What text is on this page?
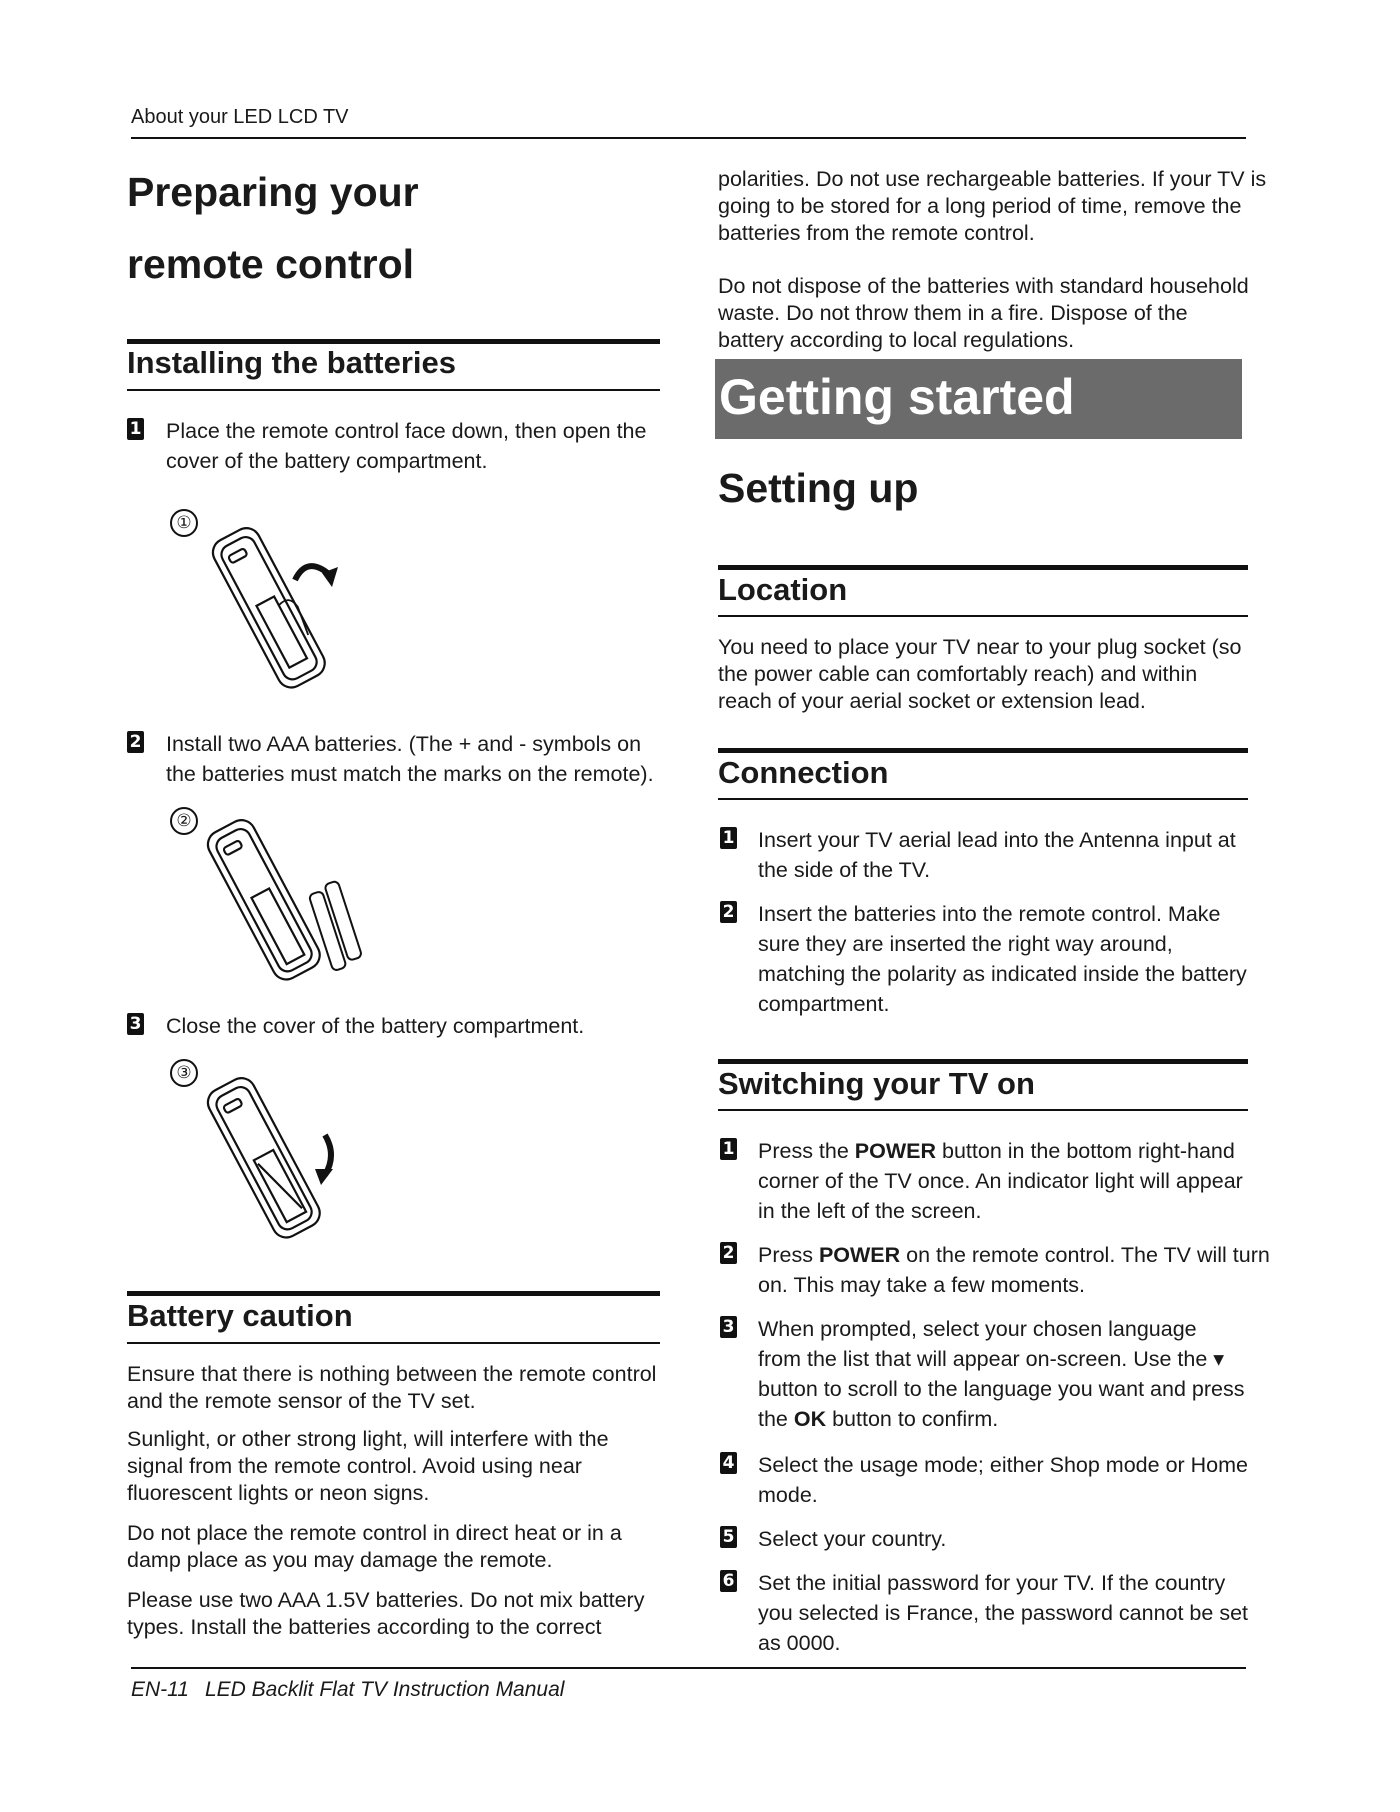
About your LED LCD TV
Preparing your
remote control
Installing the batteries
1 Place the remote control face down, then open the
cover of the battery compartment.
①
2 Install two AAA batteries. (The + and - symbols on
the batteries must match the marks on the remote).
②
3 Close the cover of the battery compartment.
③
Battery caution
Ensure that there is nothing between the remote control
and the remote sensor of the TV set.
Sunlight, or other strong light, will interfere with the
signal from the remote control. Avoid using near
fluorescent lights or neon signs.
Do not place the remote control in direct heat or in a
damp place as you may damage the remote.
Please use two AAA 1.5V batteries. Do not mix battery
types. Install the batteries according to the correct
polarities. Do not use rechargeable batteries. If your TV is
going to be stored for a long period of time, remove the
batteries from the remote control.
Do not dispose of the batteries with standard household
waste. Do not throw them in a fire. Dispose of the
battery according to local regulations.
Getting started
Setting up
Location
You need to place your TV near to your plug socket (so
the power cable can comfortably reach) and within
reach of your aerial socket or extension lead.
Connection
1 Insert your TV aerial lead into the Antenna input at
the side of the TV.
2 Insert the batteries into the remote control. Make
sure they are inserted the right way around,
matching the polarity as indicated inside the battery
compartment.
Switching your TV on
1 Press the POWER button in the bottom right-hand
corner of the TV once. An indicator light will appear
in the left of the screen.
2 Press POWER on the remote control. The TV will turn
on. This may take a few moments.
3 When prompted, select your chosen language
from the list that will appear on-screen. Use the ▾
button to scroll to the language you want and press
the OK button to confirm.
4 Select the usage mode; either Shop mode or Home
mode.
5 Select your country.
6 Set the initial password for your TV. If the country
you selected is France, the password cannot be set
as 0000.
EN-11 LED Backlit Flat TV Instruction Manual
